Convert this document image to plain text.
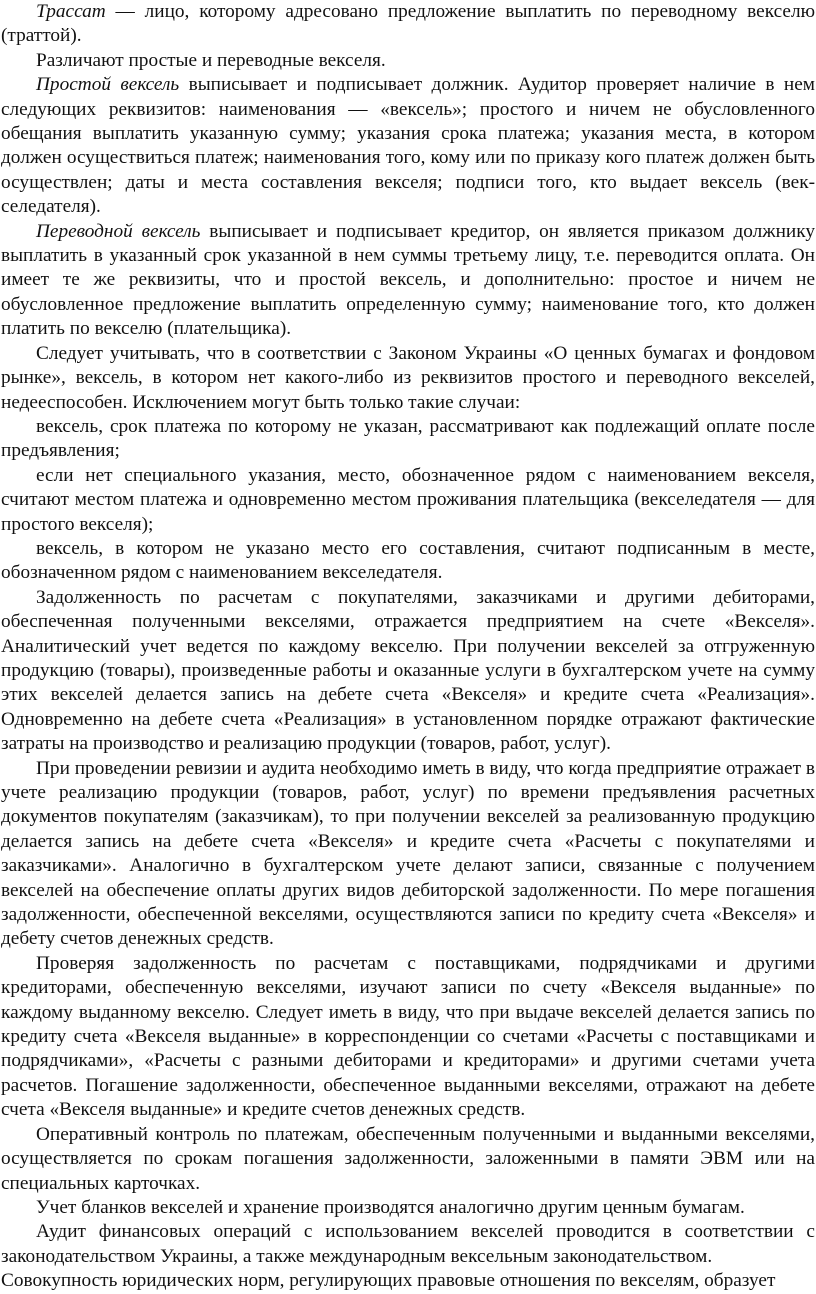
Трассат — лицо, которому адресовано предложение выплатить по переводному векселю (траттой).

Различают простые и переводные векселя.

Простой вексель выписывает и подписывает должник. Аудитор проверяет наличие в нем следующих реквизитов: наименования — «вексель»; простого и ничем не обусловленного обещания выплатить указанную сумму; указания срока платежа; указания места, в котором должен осуществиться платеж; наименования того, кому или по приказу кого платеж должен быть осуществлен; даты и места составления векселя; подписи того, кто выдает вексель (векселедателя).

Переводной вексель выписывает и подписывает кредитор, он является приказом должнику выплатить в указанный срок указанной в нем суммы третьему лицу, т.е. переводится оплата. Он имеет те же реквизиты, что и простой вексель, и дополнительно: простое и ничем не обусловленное предложение выплатить определенную сумму; наименование того, кто должен платить по векселю (плательщика).

Следует учитывать, что в соответствии с Законом Украины «О ценных бумагах и фондовом рынке», вексель, в котором нет какого-либо из реквизитов простого и переводного векселей, недееспособен. Исключением могут быть только такие случаи:

вексель, срок платежа по которому не указан, рассматривают как подлежащий оплате после предъявления;

если нет специального указания, место, обозначенное рядом с наименованием векселя, считают местом платежа и одновременно местом проживания плательщика (векселедателя — для простого векселя);

вексель, в котором не указано место его составления, считают подписанным в месте, обозначенном рядом с наименованием векселедателя.

Задолженность по расчетам с покупателями, заказчиками и другими дебиторами, обеспеченная полученными векселями, отражается предприятием на счете «Векселя». Аналитический учет ведется по каждому векселю. При получении векселей за отгруженную продукцию (товары), произведенные работы и оказанные услуги в бухгалтерском учете на сумму этих векселей делается запись на дебете счета «Векселя» и кредите счета «Реализация». Одновременно на дебете счета «Реализация» в установленном порядке отражают фактические затраты на производство и реализацию продукции (товаров, работ, услуг).

При проведении ревизии и аудита необходимо иметь в виду, что когда предприятие отражает в учете реализацию продукции (товаров, работ, услуг) по времени предъявления расчетных документов покупателям (заказчикам), то при получении векселей за реализованную продукцию делается запись на дебете счета «Векселя» и кредите счета «Расчеты с покупателями и заказчиками». Аналогично в бухгалтерском учете делают записи, связанные с получением векселей на обеспечение оплаты других видов дебиторской задолженности. По мере погашения задолженности, обеспеченной векселями, осуществляются записи по кредиту счета «Векселя» и дебету счетов денежных средств.

Проверяя задолженность по расчетам с поставщиками, подрядчиками и другими кредиторами, обеспеченную векселями, изучают записи по счету «Векселя выданные» по каждому выданному векселю. Следует иметь в виду, что при выдаче векселей делается запись по кредиту счета «Векселя выданные» в корреспонденции со счетами «Расчеты с поставщиками и подрядчиками», «Расчеты с разными дебиторами и кредиторами» и другими счетами учета расчетов. Погашение задолженности, обеспеченное выданными векселями, отражают на дебете счета «Векселя выданные» и кредите счетов денежных средств.

Оперативный контроль по платежам, обеспеченным полученными и выданными векселями, осуществляется по срокам погашения задолженности, заложенными в памяти ЭВМ или на специальных карточках.

Учет бланков векселей и хранение производятся аналогично другим ценным бумагам.

Аудит финансовых операций с использованием векселей проводится в соответствии с законодательством Украины, а также международным вексельным законодательством.

Совокупность юридических норм, регулирующих правовые отношения по векселям, образует
